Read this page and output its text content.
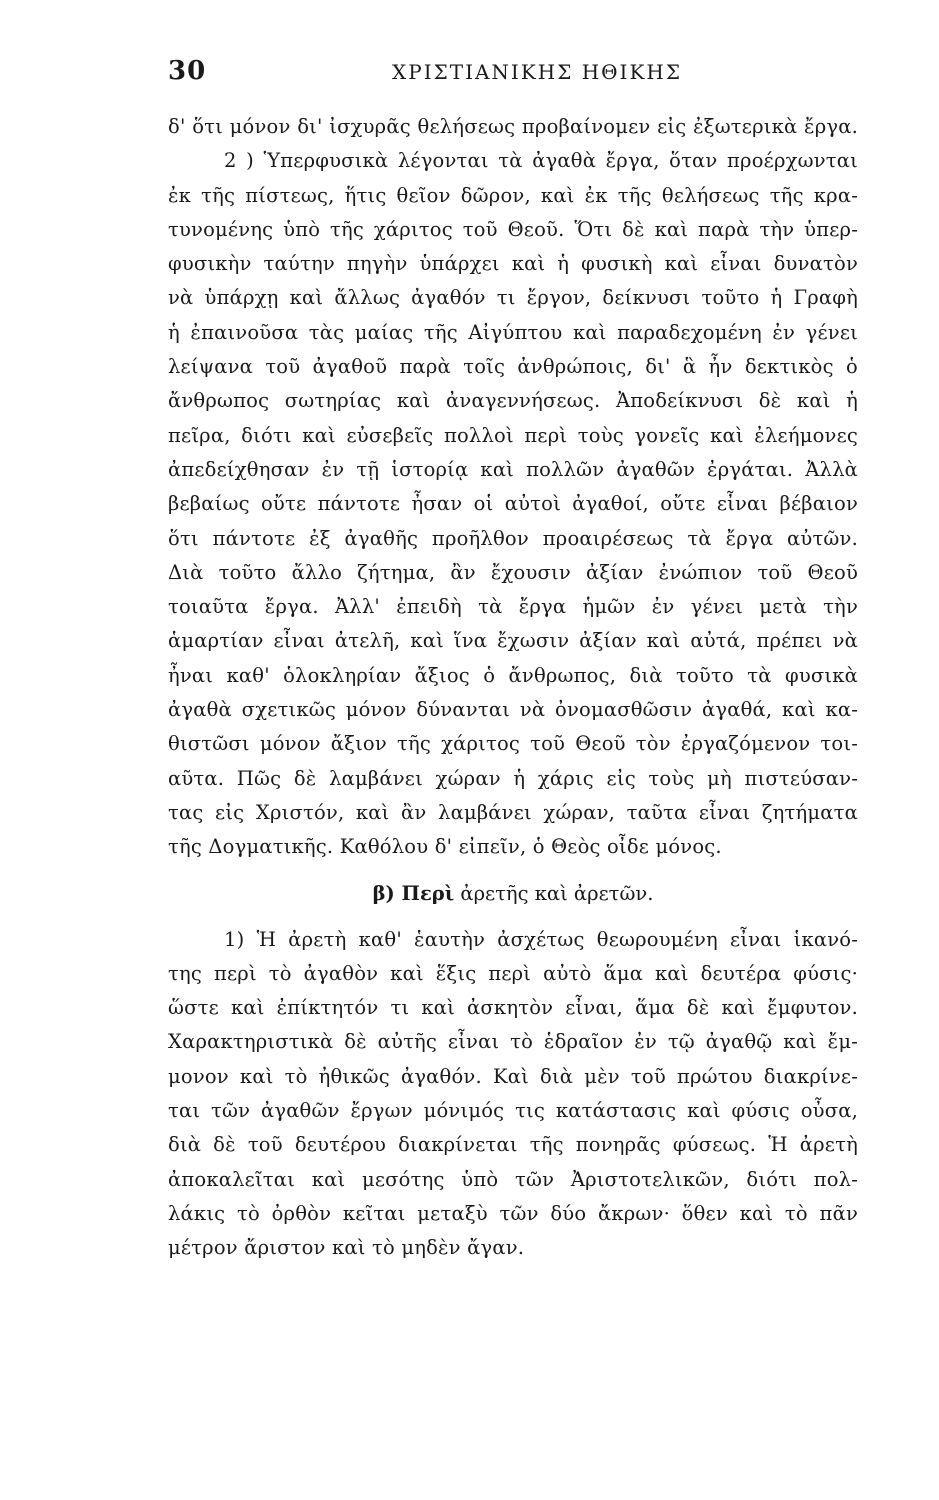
30	ΧΡΙΣΤΙΑΝΙΚΗΣ ΗΘΙΚΗΣ
δ' ὅτι μόνον δι' ἰσχυρᾶς θελήσεως προβαίνομεν εἰς ἐξωτερικὰ ἔργα.
2 ) Ὑπερφυσικὰ λέγονται τὰ ἀγαθὰ ἔργα, ὅταν προέρχωνται
ἐκ τῆς πίστεως, ἥτις θεῖον δῶρον, καὶ ἐκ τῆς θελήσεως τῆς κρα-
τυνομένης ὑπὸ τῆς χάριτος τοῦ Θεοῦ. Ὅτι δὲ καὶ παρὰ τὴν ὑπερ-
φυσικὴν ταύτην πηγὴν ὑπάρχει καὶ ἡ φυσικὴ καὶ εἶναι δυνατὸν
νὰ ὑπάρχῃ καὶ ἄλλως ἀγαθόν τι ἔργον, δείκνυσι τοῦτο ἡ Γραφὴ
ἡ ἐπαινοῦσα τὰς μαίας τῆς Αἰγύπτου καὶ παραδεχομένη ἐν γένει
λείψανα τοῦ ἀγαθοῦ παρὰ τοῖς ἀνθρώποις, δι' ἃ ἦν δεκτικὸς ὁ
ἄνθρωπος σωτηρίας καὶ ἀναγεννήσεως. Ἀποδείκνυσι δὲ καὶ ἡ
πεῖρα, διότι καὶ εὐσεβεῖς πολλοὶ περὶ τοὺς γονεῖς καὶ ἐλεήμονες
ἀπεδείχθησαν ἐν τῇ ἱστορίᾳ καὶ πολλῶν ἀγαθῶν ἐργάται. Ἀλλὰ
βεβαίως οὔτε πάντοτε ἦσαν οἱ αὐτοὶ ἀγαθοί, οὔτε εἶναι βέβαιον
ὅτι πάντοτε ἐξ ἀγαθῆς προῆλθον προαιρέσεως τὰ ἔργα αὐτῶν.
Διὰ τοῦτο ἄλλο ζήτημα, ἂν ἔχουσιν ἀξίαν ἐνώπιον τοῦ Θεοῦ
τοιαῦτα ἔργα. Ἀλλ' ἐπειδὴ τὰ ἔργα ἡμῶν ἐν γένει μετὰ τὴν
ἁμαρτίαν εἶναι ἀτελῆ, καὶ ἵνα ἔχωσιν ἀξίαν καὶ αὐτά, πρέπει νὰ
ἦναι καθ' ὁλοκληρίαν ἄξιος ὁ ἄνθρωπος, διὰ τοῦτο τὰ φυσικὰ
ἀγαθὰ σχετικῶς μόνον δύνανται νὰ ὀνομασθῶσιν ἀγαθά, καὶ κα-
θιστῶσι μόνον ἄξιον τῆς χάριτος τοῦ Θεοῦ τὸν ἐργαζόμενον τοι-
αῦτα. Πῶς δὲ λαμβάνει χώραν ἡ χάρις εἰς τοὺς μὴ πιστεύσαν-
τας εἰς Χριστόν, καὶ ἂν λαμβάνει χώραν, ταῦτα εἶναι ζητήματα
τῆς Δογματικῆς. Καθόλου δ' εἰπεῖν, ὁ Θεὸς οἶδε μόνος.
β) Περὶ ἀρετῆς καὶ ἀρετῶν.
1) Ἡ ἀρετὴ καθ' ἑαυτὴν ἀσχέτως θεωρουμένη εἶναι ἱκανό-
της περὶ τὸ ἀγαθὸν καὶ ἕξις περὶ αὐτὸ ἅμα καὶ δευτέρα φύσις·
ὥστε καὶ ἐπίκτητόν τι καὶ ἀσκητὸν εἶναι, ἅμα δὲ καὶ ἔμφυτον.
Χαρακτηριστικὰ δὲ αὐτῆς εἶναι τὸ ἑδραῖον ἐν τῷ ἀγαθῷ καὶ ἔμ-
μονον καὶ τὸ ἠθικῶς ἀγαθόν. Καὶ διὰ μὲν τοῦ πρώτου διακρίνε-
ται τῶν ἀγαθῶν ἔργων μόνιμός τις κατάστασις καὶ φύσις οὖσα,
διὰ δὲ τοῦ δευτέρου διακρίνεται τῆς πονηρᾶς φύσεως. Ἡ ἀρετὴ
ἀποκαλεῖται καὶ μεσότης ὑπὸ τῶν Ἀριστοτελικῶν, διότι πολ-
λάκις τὸ ὀρθὸν κεῖται μεταξὺ τῶν δύο ἄκρων· ὅθεν καὶ τὸ πᾶν
μέτρον ἄριστον καὶ τὸ μηδὲν ἄγαν.
